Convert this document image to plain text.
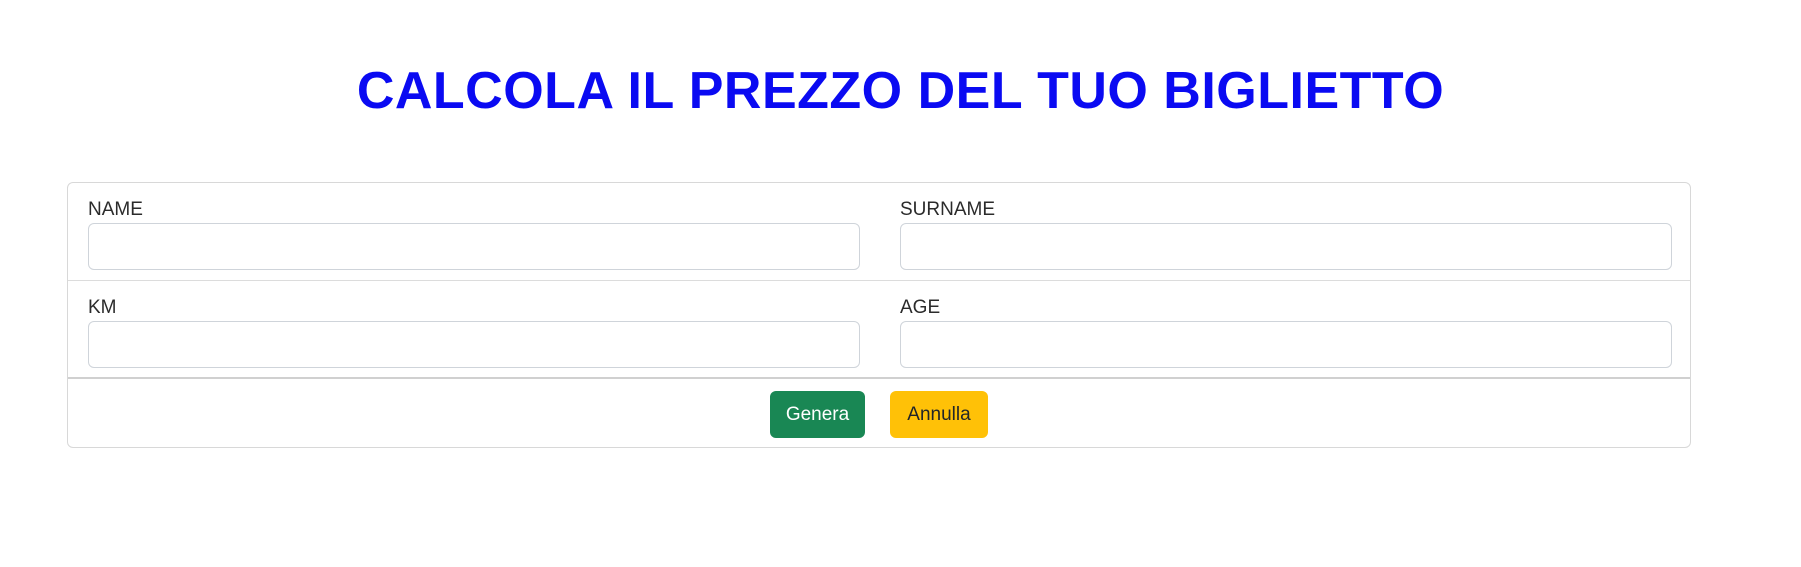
CALCOLA IL PREZZO DEL TUO BIGLIETTO
NAME	SURNAME
KM	AGE
Genera	Annulla
